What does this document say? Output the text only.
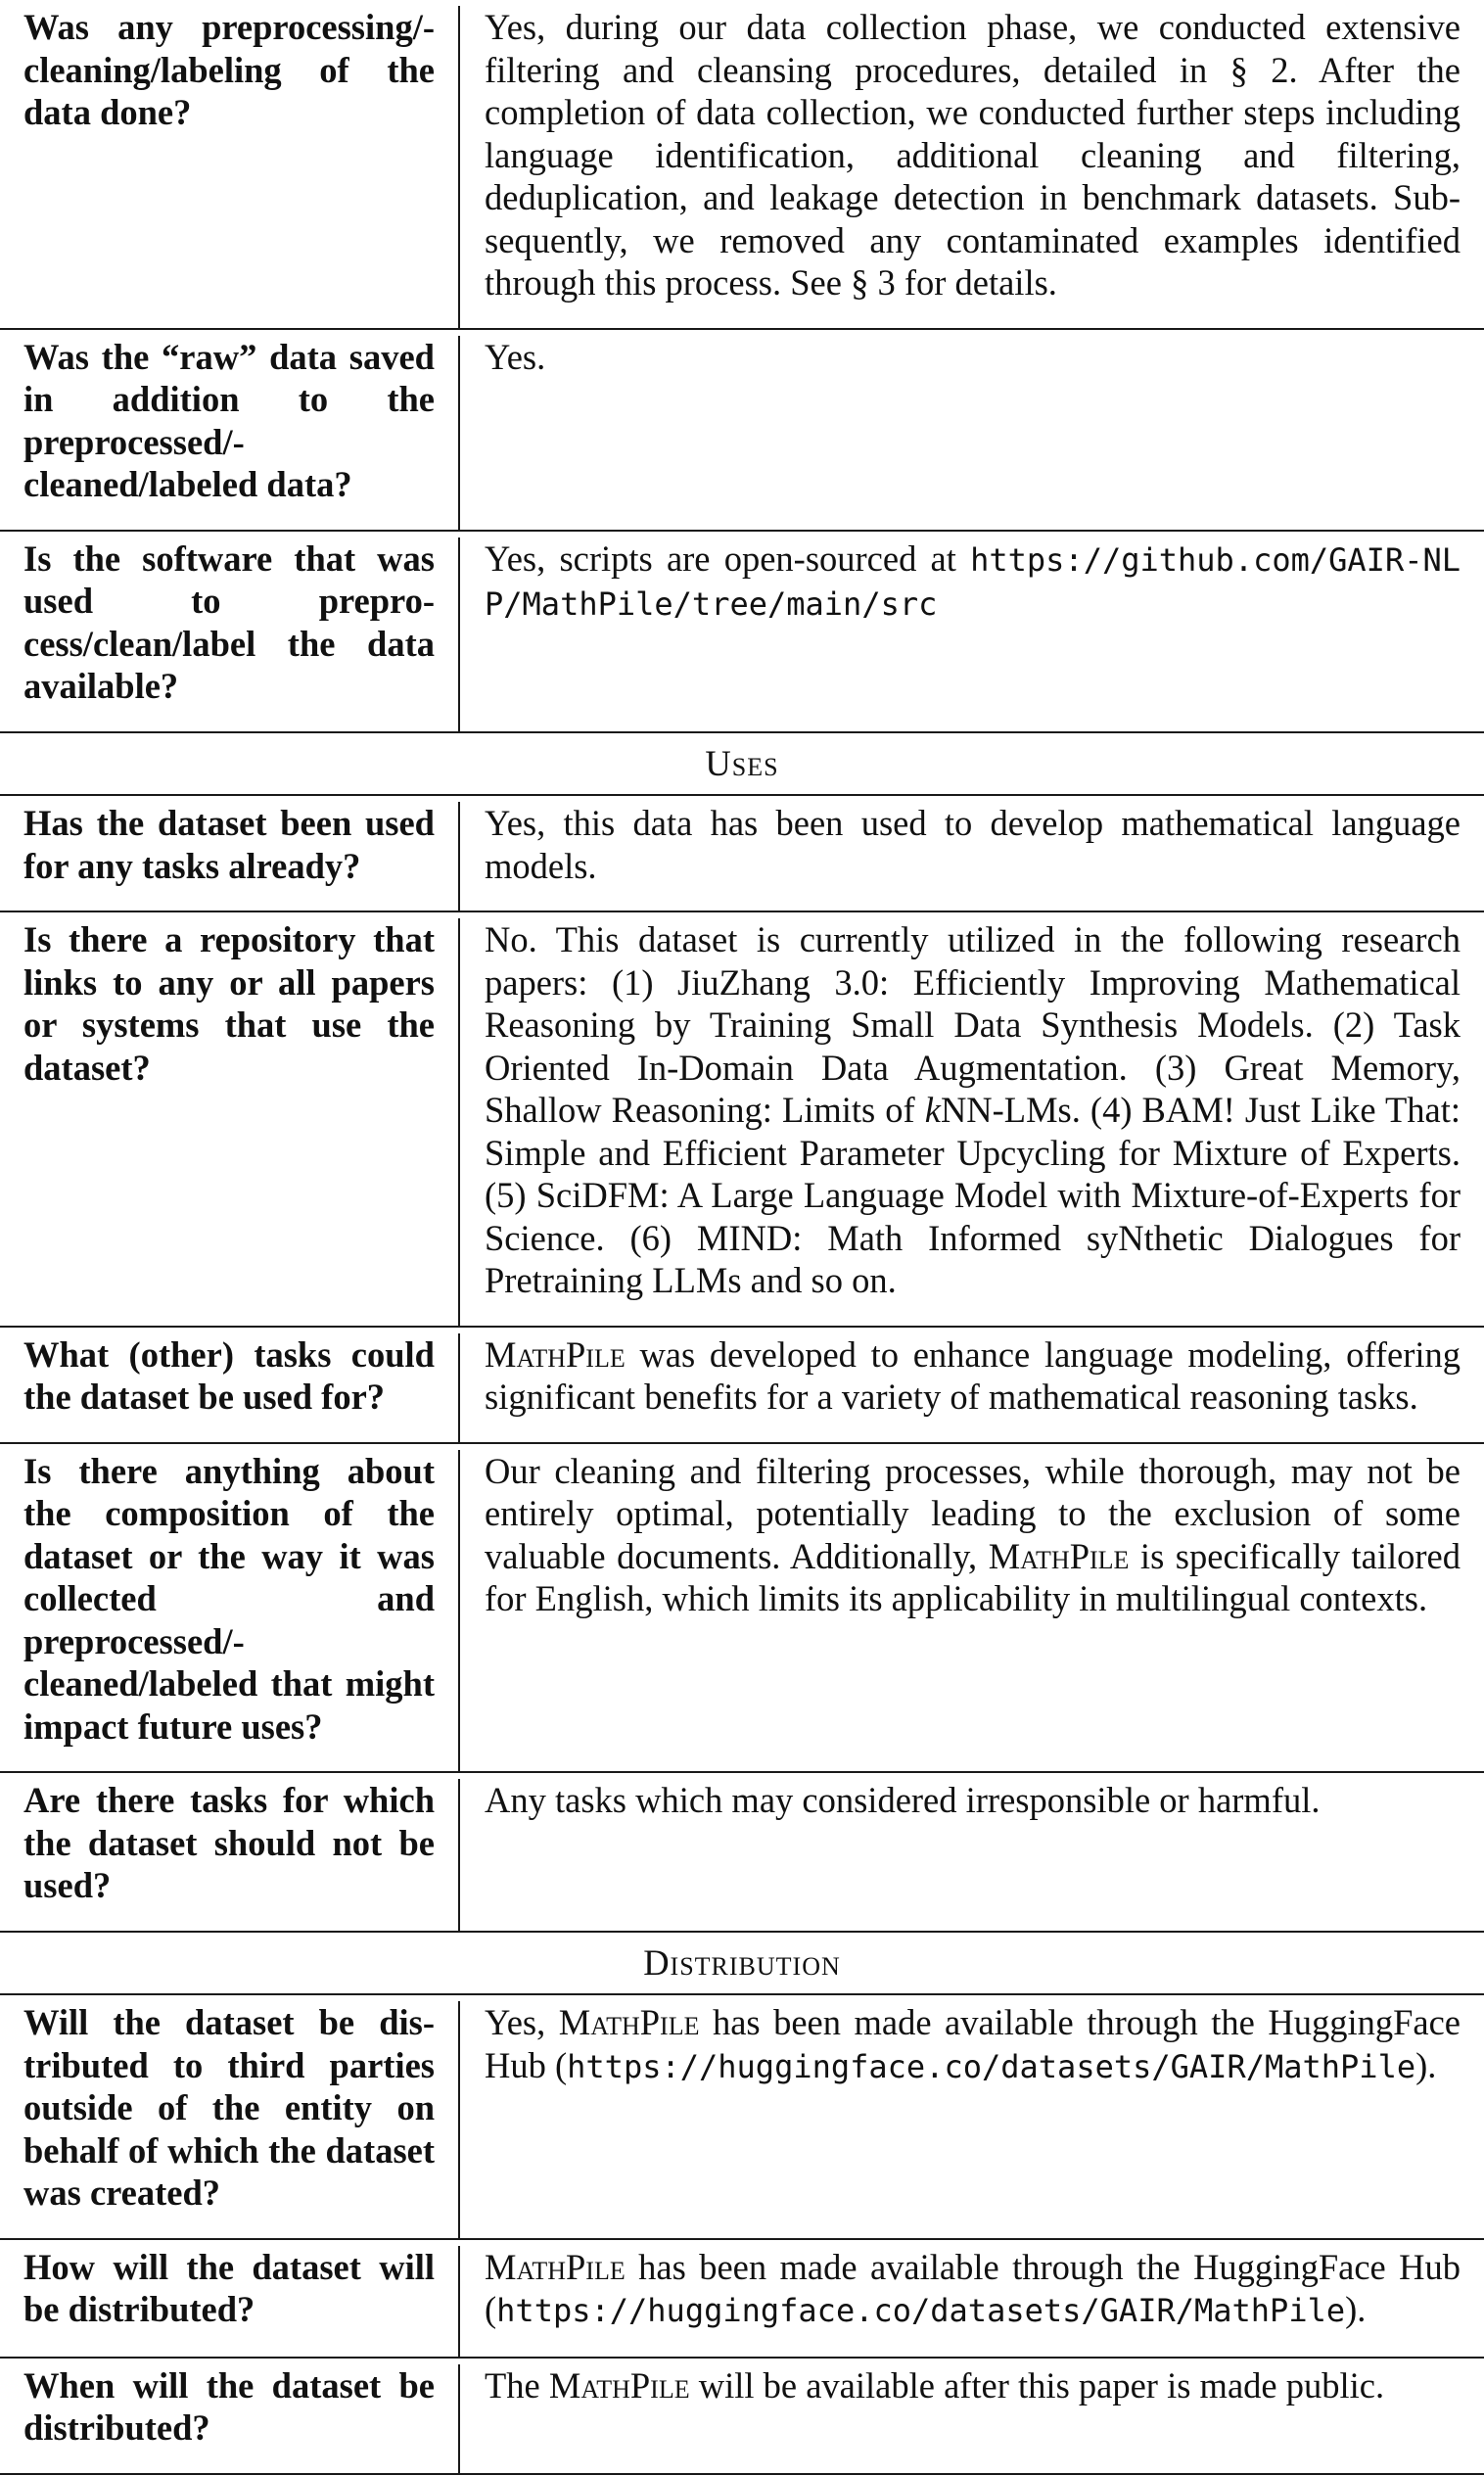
Was any preprocessing/-cleaning/labeling of the data done?
Yes, during our data collection phase, we conducted extensive filtering and cleansing procedures, detailed in § 2. After the completion of data collection, we conducted further steps including language identification, additional cleaning and filtering, deduplication, and leakage detection in benchmark datasets. Subsequently, we removed any contaminated examples identified through this process. See § 3 for details.
Was the “raw” data saved in addition to the preprocessed/-cleaned/labeled data?
Yes.
Is the software that was used to preprocess/clean/label the data available?
Yes, scripts are open-sourced at https://github.com/GAIR-NLP/MathPile/tree/main/src
Uses
Has the dataset been used for any tasks already?
Yes, this data has been used to develop mathematical language models.
Is there a repository that links to any or all papers or systems that use the dataset?
No. This dataset is currently utilized in the following research papers: (1) JiuZhang 3.0: Efficiently Improving Mathematical Reasoning by Training Small Data Synthesis Models. (2) Task Oriented In-Domain Data Augmentation. (3) Great Memory, Shallow Reasoning: Limits of kNN-LMs. (4) BAM! Just Like That: Simple and Efficient Parameter Upcycling for Mixture of Experts. (5) SciDFM: A Large Language Model with Mixture-of-Experts for Science. (6) MIND: Math Informed syNthetic Dialogues for Pretraining LLMs and so on.
What (other) tasks could the dataset be used for?
MathPile was developed to enhance language modeling, offering significant benefits for a variety of mathematical reasoning tasks.
Is there anything about the composition of the dataset or the way it was collected and preprocessed/-cleaned/labeled that might impact future uses?
Our cleaning and filtering processes, while thorough, may not be entirely optimal, potentially leading to the exclusion of some valuable documents. Additionally, MathPile is specifically tailored for English, which limits its applicability in multilingual contexts.
Are there tasks for which the dataset should not be used?
Any tasks which may considered irresponsible or harmful.
Distribution
Will the dataset be distributed to third parties outside of the entity on behalf of which the dataset was created?
Yes, MathPile has been made available through the HuggingFace Hub (https://huggingface.co/datasets/GAIR/MathPile).
How will the dataset will be distributed?
MathPile has been made available through the HuggingFace Hub (https://huggingface.co/datasets/GAIR/MathPile).
When will the dataset be distributed?
The MathPile will be available after this paper is made public.
